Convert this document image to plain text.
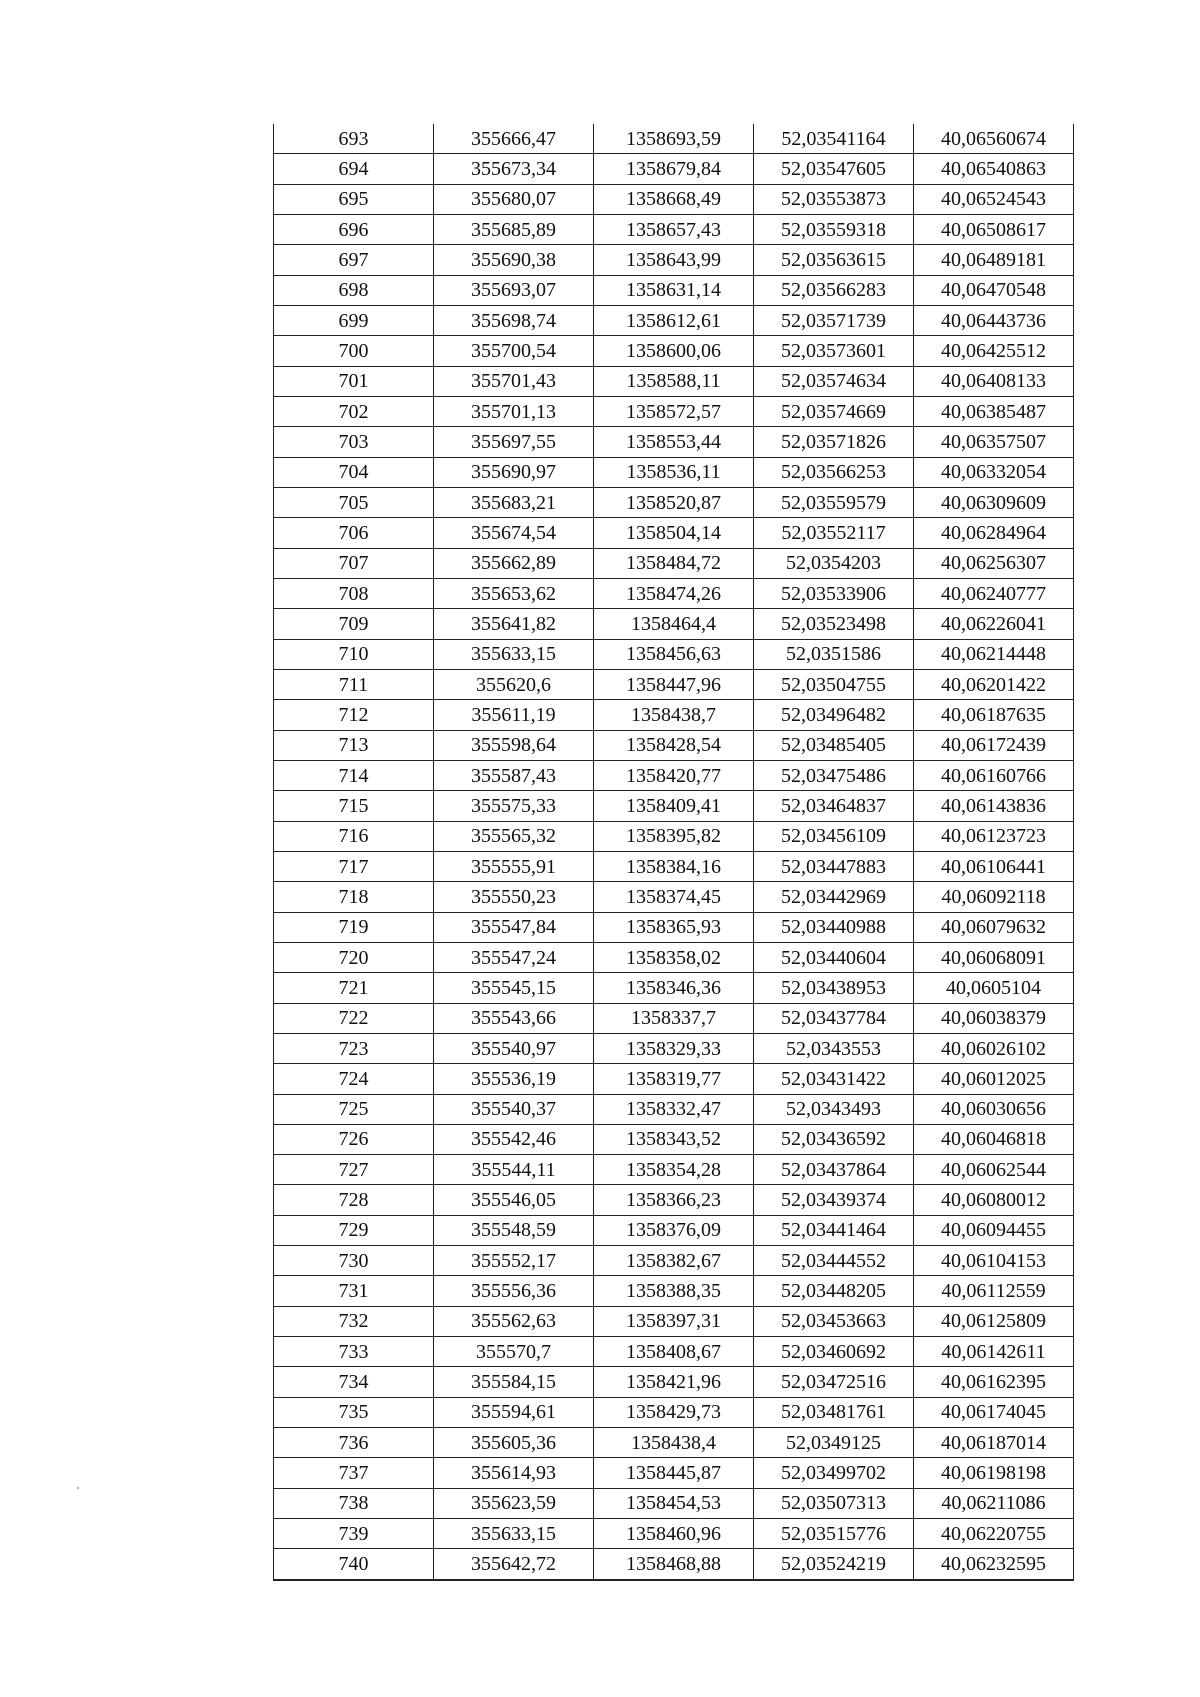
693	355666,47	1358693,59	52,03541164	40,06560674
694	355673,34	1358679,84	52,03547605	40,06540863
695	355680,07	1358668,49	52,03553873	40,06524543
696	355685,89	1358657,43	52,03559318	40,06508617
697	355690,38	1358643,99	52,03563615	40,06489181
698	355693,07	1358631,14	52,03566283	40,06470548
699	355698,74	1358612,61	52,03571739	40,06443736
700	355700,54	1358600,06	52,03573601	40,06425512
701	355701,43	1358588,11	52,03574634	40,06408133
702	355701,13	1358572,57	52,03574669	40,06385487
703	355697,55	1358553,44	52,03571826	40,06357507
704	355690,97	1358536,11	52,03566253	40,06332054
705	355683,21	1358520,87	52,03559579	40,06309609
706	355674,54	1358504,14	52,03552117	40,06284964
707	355662,89	1358484,72	52,0354203	40,06256307
708	355653,62	1358474,26	52,03533906	40,06240777
709	355641,82	1358464,4	52,03523498	40,06226041
710	355633,15	1358456,63	52,0351586	40,06214448
711	355620,6	1358447,96	52,03504755	40,06201422
712	355611,19	1358438,7	52,03496482	40,06187635
713	355598,64	1358428,54	52,03485405	40,06172439
714	355587,43	1358420,77	52,03475486	40,06160766
715	355575,33	1358409,41	52,03464837	40,06143836
716	355565,32	1358395,82	52,03456109	40,06123723
717	355555,91	1358384,16	52,03447883	40,06106441
718	355550,23	1358374,45	52,03442969	40,06092118
719	355547,84	1358365,93	52,03440988	40,06079632
720	355547,24	1358358,02	52,03440604	40,06068091
721	355545,15	1358346,36	52,03438953	40,0605104
722	355543,66	1358337,7	52,03437784	40,06038379
723	355540,97	1358329,33	52,0343553	40,06026102
724	355536,19	1358319,77	52,03431422	40,06012025
725	355540,37	1358332,47	52,0343493	40,06030656
726	355542,46	1358343,52	52,03436592	40,06046818
727	355544,11	1358354,28	52,03437864	40,06062544
728	355546,05	1358366,23	52,03439374	40,06080012
729	355548,59	1358376,09	52,03441464	40,06094455
730	355552,17	1358382,67	52,03444552	40,06104153
731	355556,36	1358388,35	52,03448205	40,06112559
732	355562,63	1358397,31	52,03453663	40,06125809
733	355570,7	1358408,67	52,03460692	40,06142611
734	355584,15	1358421,96	52,03472516	40,06162395
735	355594,61	1358429,73	52,03481761	40,06174045
736	355605,36	1358438,4	52,0349125	40,06187014
737	355614,93	1358445,87	52,03499702	40,06198198
738	355623,59	1358454,53	52,03507313	40,06211086
739	355633,15	1358460,96	52,03515776	40,06220755
740	355642,72	1358468,88	52,03524219	40,06232595
